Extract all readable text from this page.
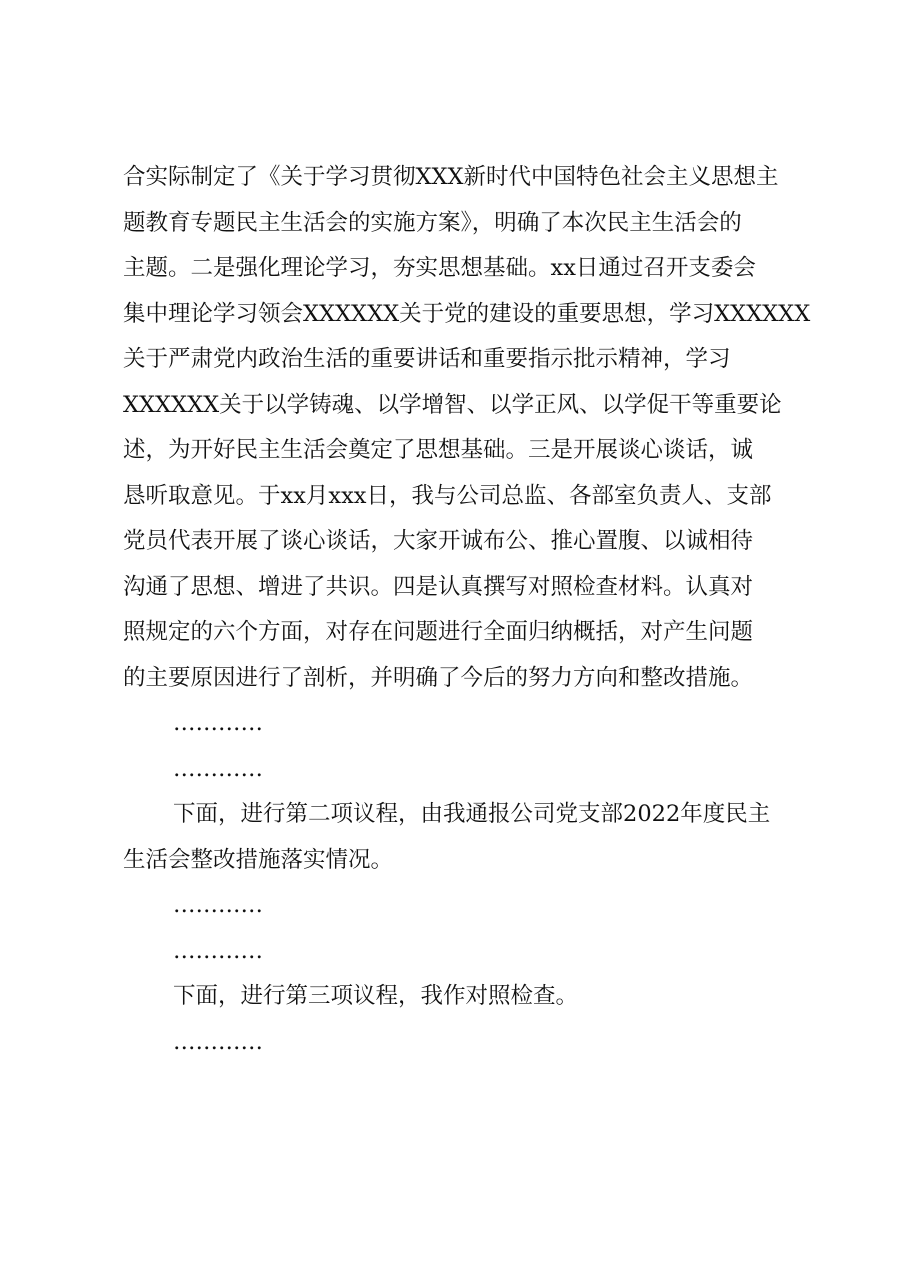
合实际制定了《关于学习贯彻XXX新时代中国特色社会主义思想主
题教育专题民主生活会的实施方案》，明确了本次民主生活会的
主题。二是强化理论学习，夯实思想基础。xx日通过召开支委会
集中理论学习领会XXXXXX关于党的建设的重要思想，学习XXXXXX
关于严肃党内政治生活的重要讲话和重要指示批示精神，学习
XXXXXX关于以学铸魂、以学增智、以学正风、以学促干等重要论
述，为开好民主生活会奠定了思想基础。三是开展谈心谈话，诚
恳听取意见。于xx月xxx日，我与公司总监、各部室负责人、支部
党员代表开展了谈心谈话，大家开诚布公、推心置腹、以诚相待
沟通了思想、增进了共识。四是认真撰写对照检查材料。认真对
照规定的六个方面，对存在问题进行全面归纳概括，对产生问题
的主要原因进行了剖析，并明确了今后的努力方向和整改措施。
…………
…………
下面，进行第二项议程，由我通报公司党支部2022年度民主
生活会整改措施落实情况。
…………
…………
下面，进行第三项议程，我作对照检查。
…………
